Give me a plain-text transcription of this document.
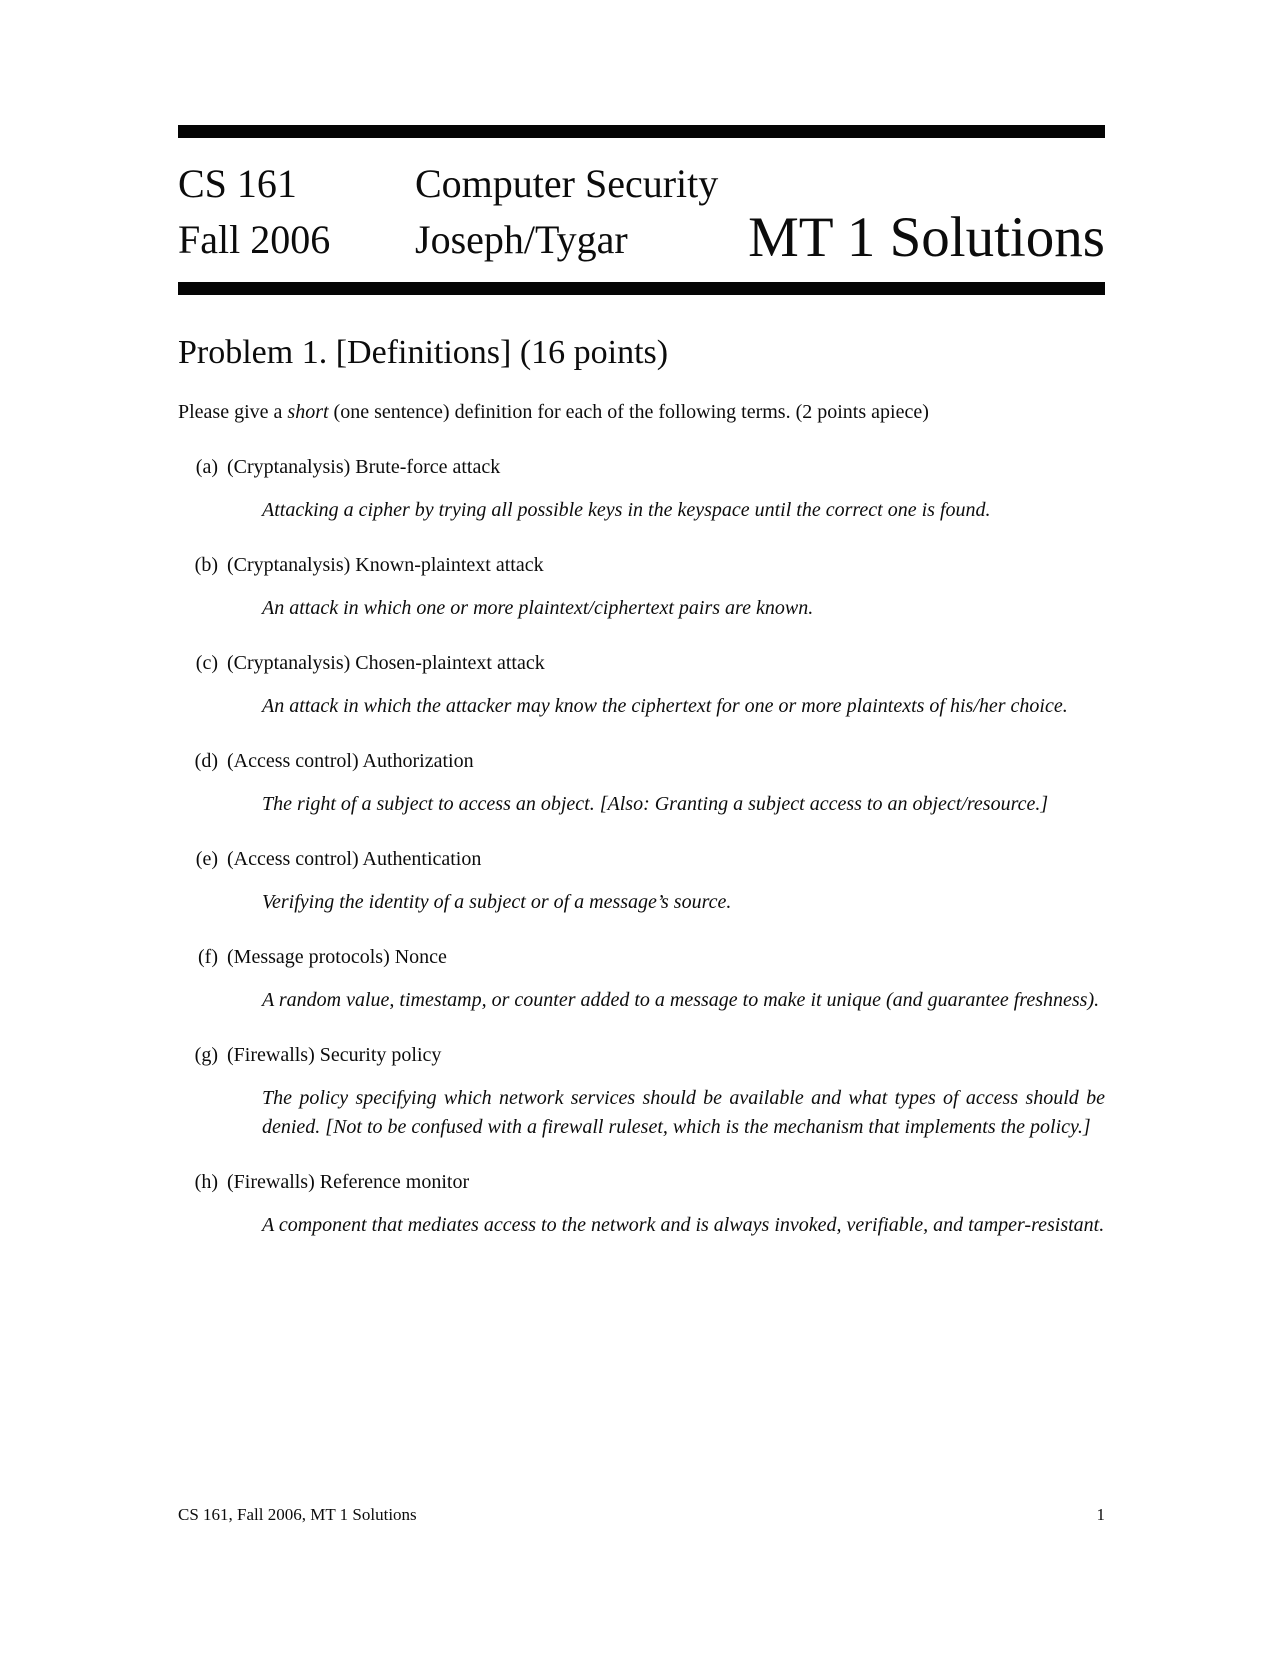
CS 161
Fall 2006
Computer Security
Joseph/Tygar	MT 1 Solutions
Problem 1. [Definitions] (16 points)
Please give a short (one sentence) definition for each of the following terms. (2 points apiece)
(a) (Cryptanalysis) Brute-force attack
Attacking a cipher by trying all possible keys in the keyspace until the correct one is found.
(b) (Cryptanalysis) Known-plaintext attack
An attack in which one or more plaintext/ciphertext pairs are known.
(c) (Cryptanalysis) Chosen-plaintext attack
An attack in which the attacker may know the ciphertext for one or more plaintexts of his/her choice.
(d) (Access control) Authorization
The right of a subject to access an object. [Also: Granting a subject access to an object/resource.]
(e) (Access control) Authentication
Verifying the identity of a subject or of a message’s source.
(f) (Message protocols) Nonce
A random value, timestamp, or counter added to a message to make it unique (and guarantee freshness).
(g) (Firewalls) Security policy
The policy specifying which network services should be available and what types of access should be denied. [Not to be confused with a firewall ruleset, which is the mechanism that implements the policy.]
(h) (Firewalls) Reference monitor
A component that mediates access to the network and is always invoked, verifiable, and tamper-resistant.
CS 161, Fall 2006, MT 1 Solutions	1
